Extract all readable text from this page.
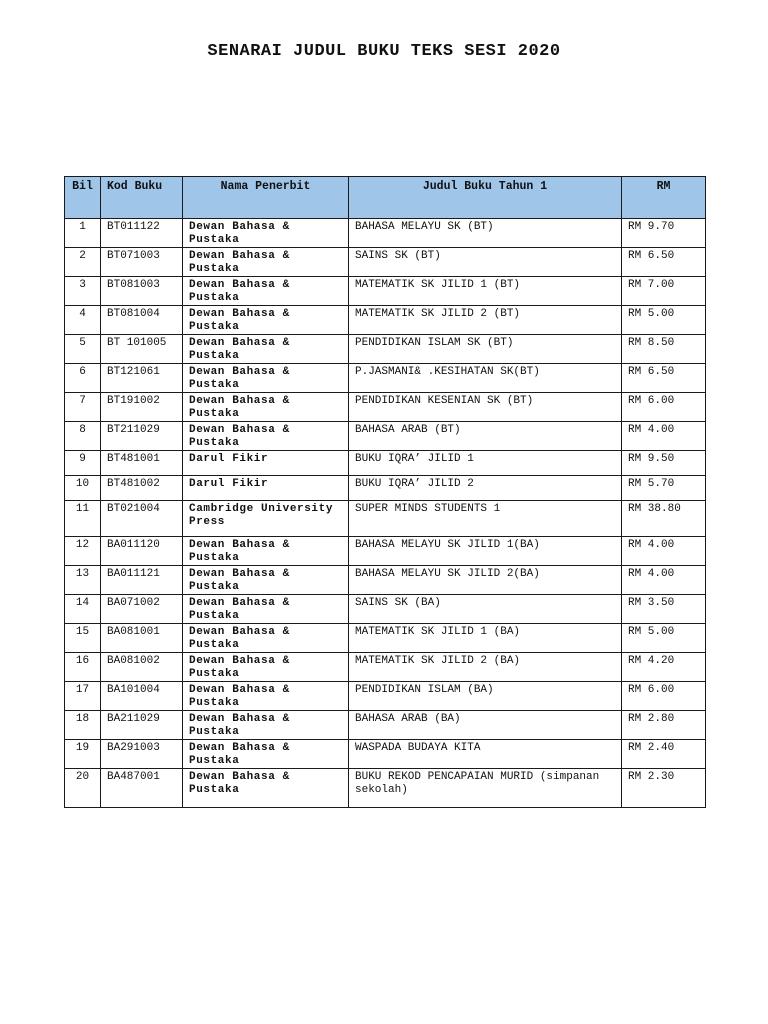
SENARAI JUDUL BUKU TEKS SESI 2020
Bil	Kod Buku	Nama Penerbit	Judul Buku Tahun 1	RM
1	BT011122	Dewan Bahasa & Pustaka	BAHASA MELAYU SK (BT)	RM 9.70
2	BT071003	Dewan Bahasa & Pustaka	SAINS SK (BT)	RM 6.50
3	BT081003	Dewan Bahasa & Pustaka	MATEMATIK SK JILID 1 (BT)	RM 7.00
4	BT081004	Dewan Bahasa & Pustaka	MATEMATIK SK JILID 2 (BT)	RM 5.00
5	BT 101005	Dewan Bahasa & Pustaka	PENDIDIKAN ISLAM SK (BT)	RM 8.50
6	BT121061	Dewan Bahasa & Pustaka	P.JASMANI& .KESIHATAN SK(BT)	RM 6.50
7	BT191002	Dewan Bahasa & Pustaka	PENDIDIKAN KESENIAN SK (BT)	RM 6.00
8	BT211029	Dewan Bahasa & Pustaka	BAHASA ARAB (BT)	RM 4.00
9	BT481001	Darul Fikir	BUKU IQRA’ JILID 1	RM 9.50
10	BT481002	Darul Fikir	BUKU IQRA’ JILID 2	RM 5.70
11	BT021004	Cambridge University Press	SUPER MINDS STUDENTS 1	RM 38.80
12	BA011120	Dewan Bahasa & Pustaka	BAHASA MELAYU SK JILID 1(BA)	RM 4.00
13	BA011121	Dewan Bahasa & Pustaka	BAHASA MELAYU SK JILID 2(BA)	RM 4.00
14	BA071002	Dewan Bahasa & Pustaka	SAINS SK (BA)	RM 3.50
15	BA081001	Dewan Bahasa & Pustaka	MATEMATIK SK JILID 1 (BA)	RM 5.00
16	BA081002	Dewan Bahasa & Pustaka	MATEMATIK SK JILID 2 (BA)	RM 4.20
17	BA101004	Dewan Bahasa & Pustaka	PENDIDIKAN ISLAM (BA)	RM 6.00
18	BA211029	Dewan Bahasa & Pustaka	BAHASA ARAB (BA)	RM 2.80
19	BA291003	Dewan Bahasa & Pustaka	WASPADA BUDAYA KITA	RM 2.40
20	BA487001	Dewan Bahasa & Pustaka	BUKU REKOD PENCAPAIAN MURID (simpanan sekolah)	RM 2.30
